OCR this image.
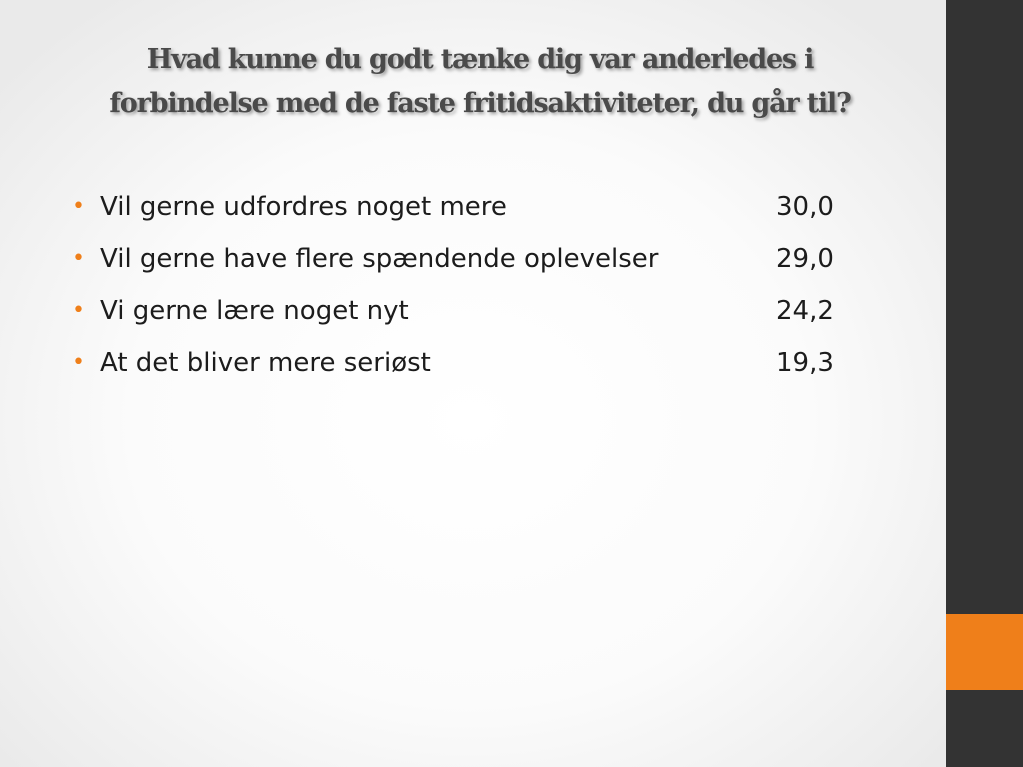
Hvad kunne du godt tænke dig var anderledes i
forbindelse med de faste fritidsaktiviteter, du går til?
• Vil gerne udfordres noget mere	30,0
• Vil gerne have flere spændende oplevelser	29,0
• Vi gerne lære noget nyt	24,2
• At det bliver mere seriøst	19,3
